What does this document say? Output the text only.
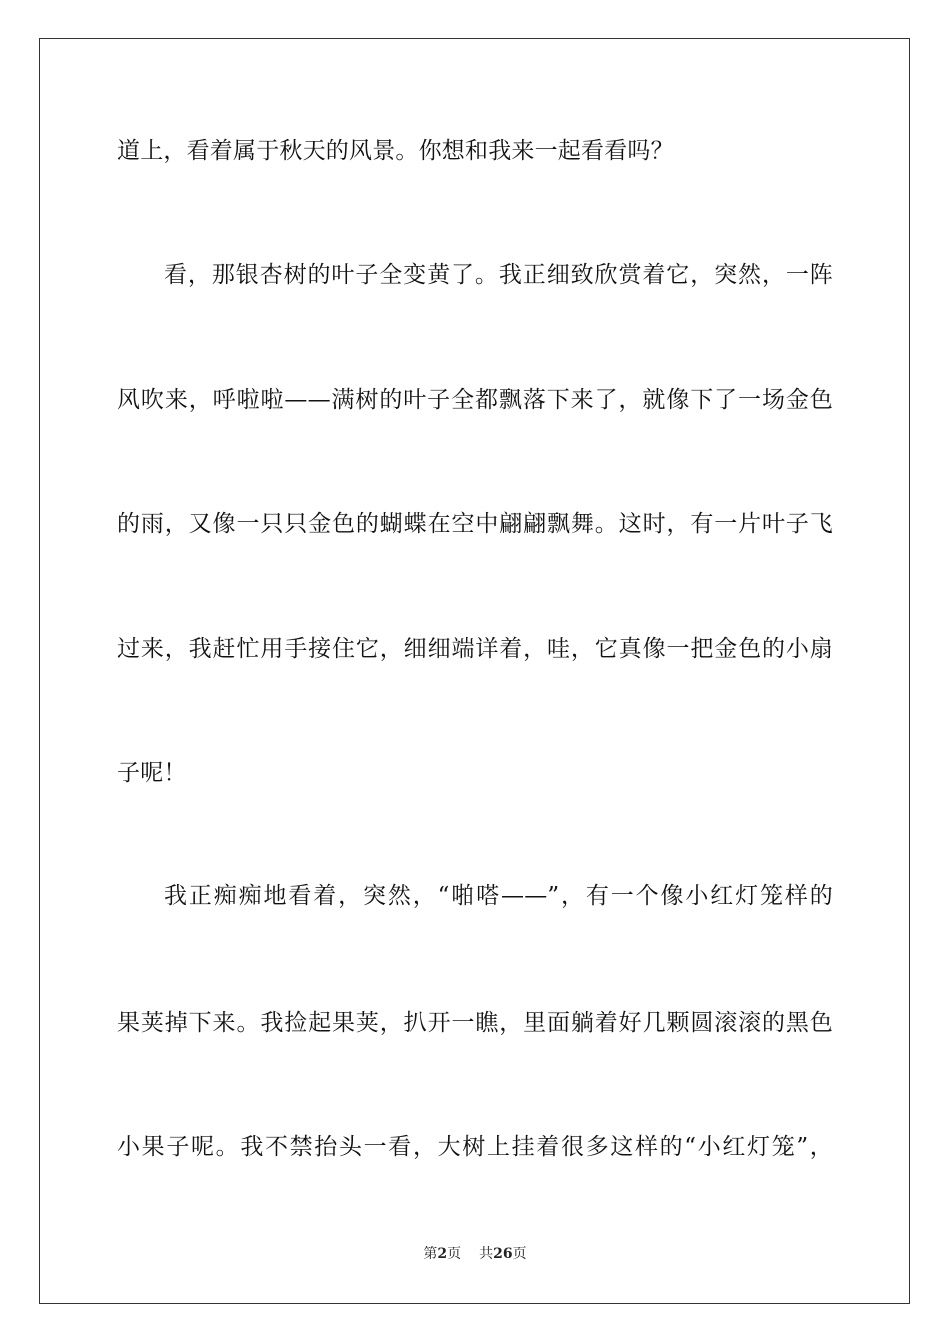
道上，看着属于秋天的风景。你想和我来一起看看吗？
看，那银杏树的叶子全变黄了。我正细致欣赏着它，突然，一阵
风吹来，呼啦啦——满树的叶子全都飘落下来了，就像下了一场金色
的雨，又像一只只金色的蝴蝶在空中翩翩飘舞。这时，有一片叶子飞
过来，我赶忙用手接住它，细细端详着，哇，它真像一把金色的小扇
子呢！
我正痴痴地看着，突然，“啪嗒——”，有一个像小红灯笼样的
果荚掉下来。我捡起果荚，扒开一瞧，里面躺着好几颗圆滚滚的黑色
小果子呢。我不禁抬头一看，大树上挂着很多这样的“小红灯笼”，
第2页 共26页
